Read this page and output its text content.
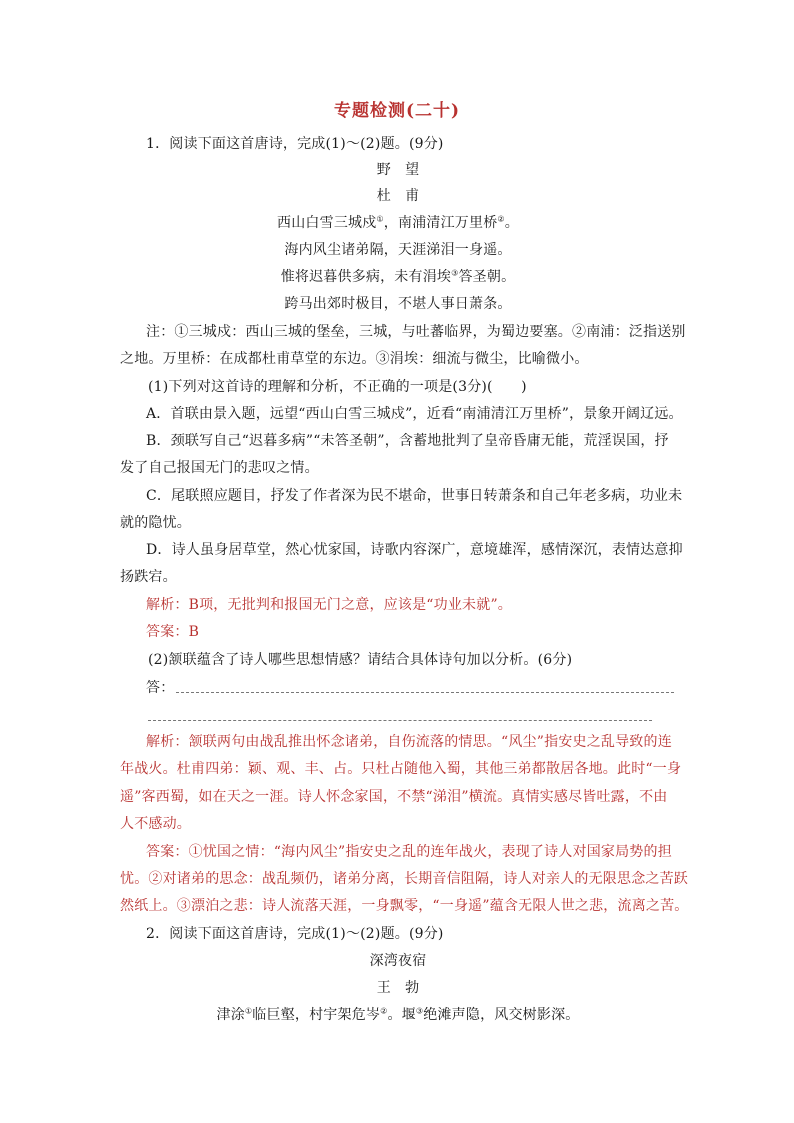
专题检测(二十)
1．阅读下面这首唐诗，完成(1)～(2)题。(9分)
野　望
杜　甫
西山白雪三城戍①，南浦清江万里桥②。
海内风尘诸弟隔，天涯涕泪一身遥。
惟将迟暮供多病，未有涓埃③答圣朝。
跨马出郊时极目，不堪人事日萧条。
注：①三城戍：西山三城的堡垒，三城，与吐蕃临界，为蜀边要塞。②南浦：泛指送别
之地。万里桥：在成都杜甫草堂的东边。③涓埃：细流与微尘，比喻微小。
(1)下列对这首诗的理解和分析，不正确的一项是(3分)(　　)
A．首联由景入题，远望“西山白雪三城戍”，近看“南浦清江万里桥”，景象开阔辽远。
B．颈联写自己“迟暮多病”“未答圣朝”，含蓄地批判了皇帝昏庸无能，荒淫误国，抒
发了自己报国无门的悲叹之情。
C．尾联照应题目，抒发了作者深为民不堪命，世事日转萧条和自己年老多病，功业未
就的隐忧。
D．诗人虽身居草堂，然心忧家国，诗歌内容深广，意境雄浑，感情深沉，表情达意抑
扬跌宕。
解析：B项，无批判和报国无门之意，应该是“功业未就”。
答案：B
(2)颔联蕴含了诗人哪些思想情感？请结合具体诗句加以分析。(6分)
答：
解析：颔联两句由战乱推出怀念诸弟，自伤流落的情思。“风尘”指安史之乱导致的连
年战火。杜甫四弟：颖、观、丰、占。只杜占随他入蜀，其他三弟都散居各地。此时“一身
遥”客西蜀，如在天之一涯。诗人怀念家国，不禁“涕泪”横流。真情实感尽皆吐露，不由
人不感动。
答案：①忧国之情：“海内风尘”指安史之乱的连年战火，表现了诗人对国家局势的担
忧。②对诸弟的思念：战乱频仍，诸弟分离，长期音信阻隔，诗人对亲人的无限思念之苦跃
然纸上。③漂泊之悲：诗人流落天涯，一身飘零，“一身遥”蕴含无限人世之悲，流离之苦。
2．阅读下面这首唐诗，完成(1)～(2)题。(9分)
深湾夜宿
王　勃
津涂①临巨壑，村宇架危岑②。堰③绝滩声隐，风交树影深。
